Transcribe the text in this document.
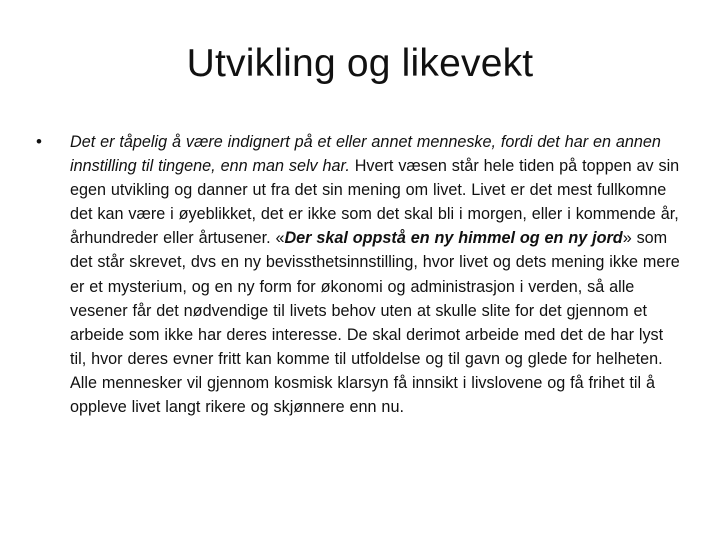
Utvikling og likevekt
• Det er tåpelig å være indignert på et eller annet menneske, fordi det har en annen innstilling til tingene, enn man selv har. Hvert væsen står hele tiden på toppen av sin egen utvikling og danner ut fra det sin mening om livet. Livet er det mest fullkomne det kan være i øyeblikket, det er ikke som det skal bli i morgen, eller i kommende år, århundreder eller årtusener. «Der skal oppstå en ny himmel og en ny jord» som det står skrevet, dvs en ny bevissthetsinnstilling, hvor livet og dets mening ikke mere er et mysterium, og en ny form for økonomi og administrasjon i verden, så alle vesener får det nødvendige til livets behov uten at skulle slite for det gjennom et arbeide som ikke har deres interesse. De skal derimot arbeide med det de har lyst til, hvor deres evner fritt kan komme til utfoldelse og til gavn og glede for helheten. Alle mennesker vil gjennom kosmisk klarsyn få innsikt i livslovene og få frihet til å oppleve livet langt rikere og skjønnere enn nu.
